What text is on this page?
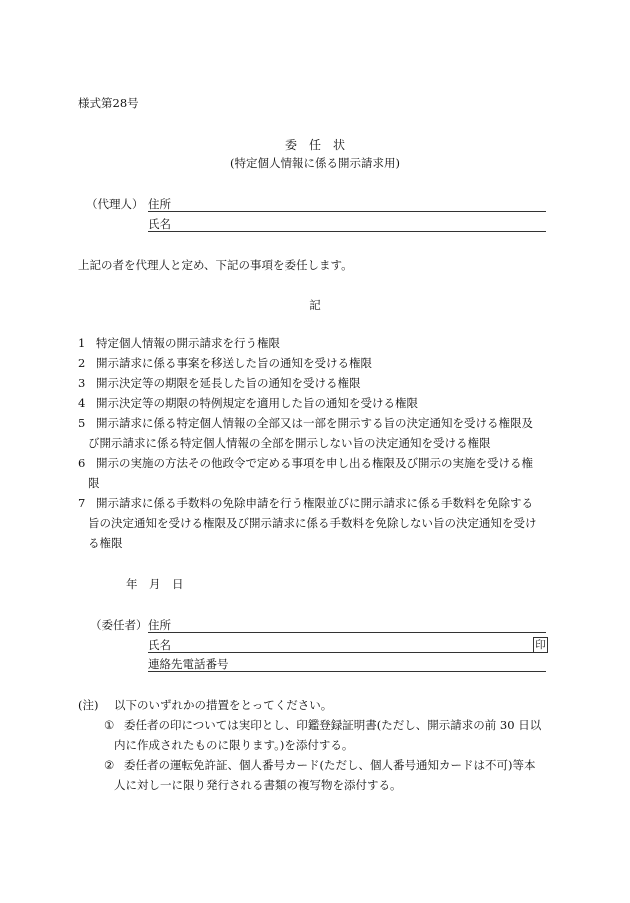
様式第28号
委　任　状
(特定個人情報に係る開示請求用)
（代理人） 住所
氏名
上記の者を代理人と定め、下記の事項を委任します。
記
1 特定個人情報の開示請求を行う権限
2 開示請求に係る事案を移送した旨の通知を受ける権限
3 開示決定等の期限を延長した旨の通知を受ける権限
4 開示決定等の期限の特例規定を適用した旨の通知を受ける権限
5 開示請求に係る特定個人情報の全部又は一部を開示する旨の決定通知を受ける権限及
び開示請求に係る特定個人情報の全部を開示しない旨の決定通知を受ける権限
6 開示の実施の方法その他政令で定める事項を申し出る権限及び開示の実施を受ける権
限
7 開示請求に係る手数料の免除申請を行う権限並びに開示請求に係る手数料を免除する
旨の決定通知を受ける権限及び開示請求に係る手数料を免除しない旨の決定通知を受け
る権限
年　月　日
（委任者） 住所
氏名	印
連絡先電話番号
(注) 以下のいずれかの措置をとってください。
① 委任者の印については実印とし、印鑑登録証明書(ただし、開示請求の前 30 日以
内に作成されたものに限ります。)を添付する。
② 委任者の運転免許証、個人番号カード(ただし、個人番号通知カードは不可)等本
人に対し一に限り発行される書類の複写物を添付する。
